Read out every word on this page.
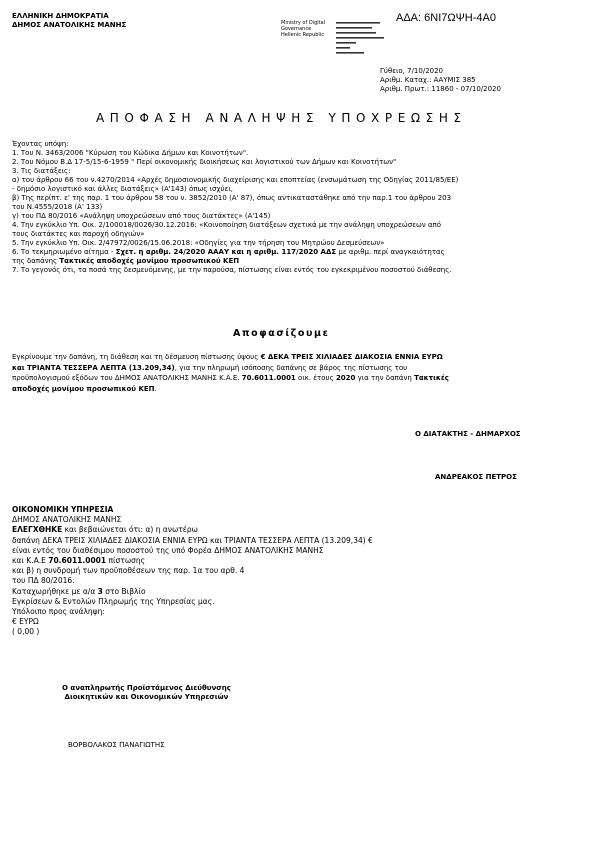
ΕΛΛΗΝΙΚΗ ΔΗΜΟΚΡΑΤΙΑ
ΔΗΜΟΣ ΑΝΑΤΟΛΙΚΗΣ ΜΑΝΗΣ	Ministry of Digital
Governance
Hellenic Republic
ΑΔΑ: 6ΝΙ7ΩΨΗ-4Α0
Γύθειο, 7/10/2020
Αριθμ. Καταχ.: ΑΑΥΜΙΣ 385
Αριθμ. Πρωτ.: 11860 - 07/10/2020
ΑΠΟΦΑΣΗ ΑΝΑΛΗΨΗΣ ΥΠΟΧΡΕΩΣΗΣ
Έχοντας υπόψη:
1. Του Ν. 3463/2006 "Κύρωση του Κώδικα Δήμων και Κοινοτήτων".
2. Του Νόμου Β.Δ 17-5/15-6-1959 " Περί οικονομικής διοικήσεως και λογιστικού των Δήμων και Κοινοτήτων"
3. Τις διατάξεις:
α) του άρθρου 66 του ν.4270/2014 «Αρχές δημοσιονομικής διαχείρισης και εποπτείας (ενσωμάτωση της Οδηγίας 2011/85/ΕΕ)
- δημόσιο λογιστικό και άλλες διατάξεις» (Α'143) όπως ισχύει,
β) Της περίπτ. ε' της παρ. 1 του άρθρου 58 του ν. 3852/2010 (Α' 87), όπως αντικαταστάθηκε από την παρ.1 του άρθρου 203
του Ν.4555/2018 (Α' 133)
γ) του ΠΔ 80/2016 «Ανάληψη υποχρεώσεων από τους διατάκτες» (Α'145)
4. Την εγκύκλιο Υπ. Οικ. 2/100018/0026/30.12.2016: «Κοινοποίηση διατάξεων σχετικά με την ανάληψη υποχρεώσεων από
τους διατάκτες και παροχή οδηγιών»
5. Την εγκύκλιο Υπ. Οικ. 2/47972/0026/15.06.2018: «Οδηγίες για την τήρηση του Μητρώου Δεσμεύσεων»
6. Το τεκμηριωμένο αίτημα - Σχετ. η αριθμ. 24/2020 ΑΑΑΥ και η αριθμ. 117/2020 ΑΔΣ με αριθμ. περί αναγκαιότητας
της δαπάνης Τακτικές αποδοχές μονίμου προσωπικού ΚΕΠ
7. Το γεγονός ότι, τα ποσά της δεσμευόμενης, με την παρούσα, πίστωσης είναι εντός του εγκεκριμένου ποσοστού διάθεσης.
Αποφασίζουμε
Εγκρίνουμε την δαπάνη, τη διάθεση και τη δέσμευση πίστωσης ύψους € ΔΕΚΑ ΤΡΕΙΣ ΧΙΛΙΑΔΕΣ ΔΙΑΚΟΣΙΑ ΕΝΝΙΑ ΕΥΡΩ
και ΤΡΙΑΝΤΑ ΤΕΣΣΕΡΑ ΛΕΠΤΑ (13.209,34), για την πληρωμή ισόποσης δαπάνης σε βάρος της πίστωσης του
προϋπολογισμού εξόδων του ΔΗΜΟΣ ΑΝΑΤΟΛΙΚΗΣ ΜΑΝΗΣ Κ.Α.Ε. 70.6011.0001 οικ. έτους 2020 για την δαπάνη Τακτικές
αποδοχές μονίμου προσωπικού ΚΕΠ.
Ο ΔΙΑΤΑΚΤΗΣ - ΔΗΜΑΡΧΟΣ
ΑΝΔΡΕΑΚΟΣ ΠΕΤΡΟΣ
ΟΙΚΟΝΟΜΙΚΗ ΥΠΗΡΕΣΙΑ
ΔΗΜΟΣ ΑΝΑΤΟΛΙΚΗΣ ΜΑΝΗΣ
ΕΛΕΓΧΘΗΚΕ και βεβαιώνεται ότι: α) η ανωτέρω
δαπάνη ΔΕΚΑ ΤΡΕΙΣ ΧΙΛΙΑΔΕΣ ΔΙΑΚΟΣΙΑ ΕΝΝΙΑ ΕΥΡΩ και ΤΡΙΑΝΤΑ ΤΕΣΣΕΡΑ ΛΕΠΤΑ (13.209,34) €
είναι εντός του διαθέσιμου ποσοστού της υπό Φορέα ΔΗΜΟΣ ΑΝΑΤΟΛΙΚΗΣ ΜΑΝΗΣ
και Κ.Α.Ε 70.6011.0001 πίστωσης
και β) η συνδρομή των προϋποθέσεων της παρ. 1α του αρθ. 4
του ΠΔ 80/2016.
Καταχωρήθηκε με α/α 3 στο Βιβλίο
Εγκρίσεων & Εντολών Πληρωμής της Υπηρεσίας μας.
Υπόλοιπο προς ανάληψη:
€ ΕΥΡΩ
( 0,00 )
Ο αναπληρωτής Προϊστάμενος Διεύθυνσης
Διοικητικών και Οικονομικών Υπηρεσιών
ΒΟΡΒΟΛΑΚΟΣ ΠΑΝΑΓΙΩΤΗΣ
